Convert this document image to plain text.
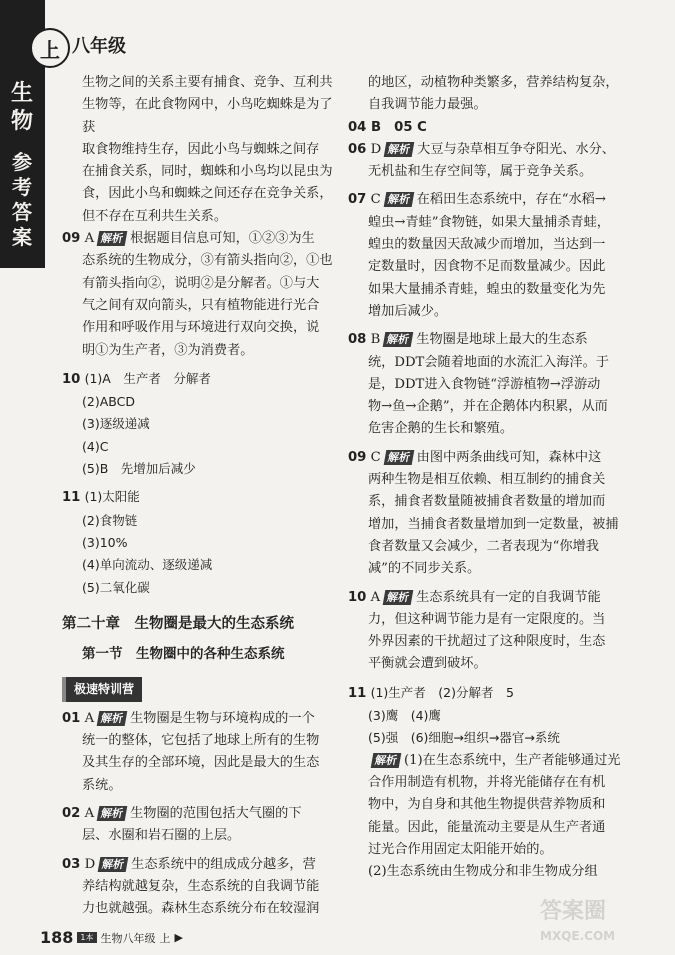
生物
参考答案
上 八年级

生物之间的关系主要有捕食、竞争、互利共

生物等，在此食物网中，小鸟吃蜘蛛是为了获

取食物维持生存，因此小鸟与蜘蛛之间存

在捕食关系，同时，蜘蛛和小鸟均以昆虫为

食，因此小鸟和蜘蛛之间还存在竞争关系，

但不存在互利共生关系。

09 A 解析 根据题目信息可知，①②③为生

态系统的生物成分，③有箭头指向②，①也

有箭头指向②，说明②是分解者。①与大

气之间有双向箭头，只有植物能进行光合

作用和呼吸作用与环境进行双向交换，说

明①为生产者，③为消费者。

10 (1)A　生产者　分解者

(2)ABCD

(3)逐级递减

(4)C

(5)B　先增加后减少

11 (1)太阳能

(2)食物链

(3)10%

(4)单向流动、逐级递减

(5)二氧化碳

第二十章　生物圈是最大的生态系统
第一节　生物圈中的各种生态系统
极速特训营

01 A 解析 生物圈是生物与环境构成的一个

统一的整体，它包括了地球上所有的生物

及其生存的全部环境，因此是最大的生态

系统。

02 A 解析 生物圈的范围包括大气圈的下

层、水圈和岩石圈的上层。

03 D 解析 生态系统中的组成成分越多，营

养结构就越复杂，生态系统的自我调节能

力也就越强。森林生态系统分布在较湿润

的地区，动植物种类繁多，营养结构复杂，

自我调节能力最强。

04 B　05 C

06 D 解析 大豆与杂草相互争夺阳光、水分、

无机盐和生存空间等，属于竞争关系。

07 C 解析 在稻田生态系统中，存在“水稻→

蝗虫→青蛙”食物链，如果大量捕杀青蛙，

蝗虫的数量因天敌减少而增加，当达到一

定数量时，因食物不足而数量减少。因此

如果大量捕杀青蛙，蝗虫的数量变化为先

增加后减少。

08 B 解析 生物圈是地球上最大的生态系

统，DDT会随着地面的水流汇入海洋。于

是，DDT进入食物链“浮游植物→浮游动

物→鱼→企鹅”，并在企鹅体内积累，从而

危害企鹅的生长和繁殖。

09 C 解析 由图中两条曲线可知，森林中这

两种生物是相互依赖、相互制约的捕食关

系，捕食者数量随被捕食者数量的增加而

增加，当捕食者数量增加到一定数量，被捕

食者数量又会减少，二者表现为“你增我

减”的不同步关系。

10 A 解析 生态系统具有一定的自我调节能

力，但这种调节能力是有一定限度的。当

外界因素的干扰超过了这种限度时，生态

平衡就会遭到破坏。

11 (1)生产者　(2)分解者　5

(3)鹰　(4)鹰

(5)强　(6)细胞→组织→器官→系统

解析 (1)在生态系统中，生产者能够通过光

合作用制造有机物，并将光能储存在有机

物中，为自身和其他生物提供营养物质和

能量。因此，能量流动主要是从生产者通

过光合作用固定太阳能开始的。

(2)生态系统由生物成分和非生物成分组

188 1本 生物八年级 上 ▶
答案圈
MXQE.COM
